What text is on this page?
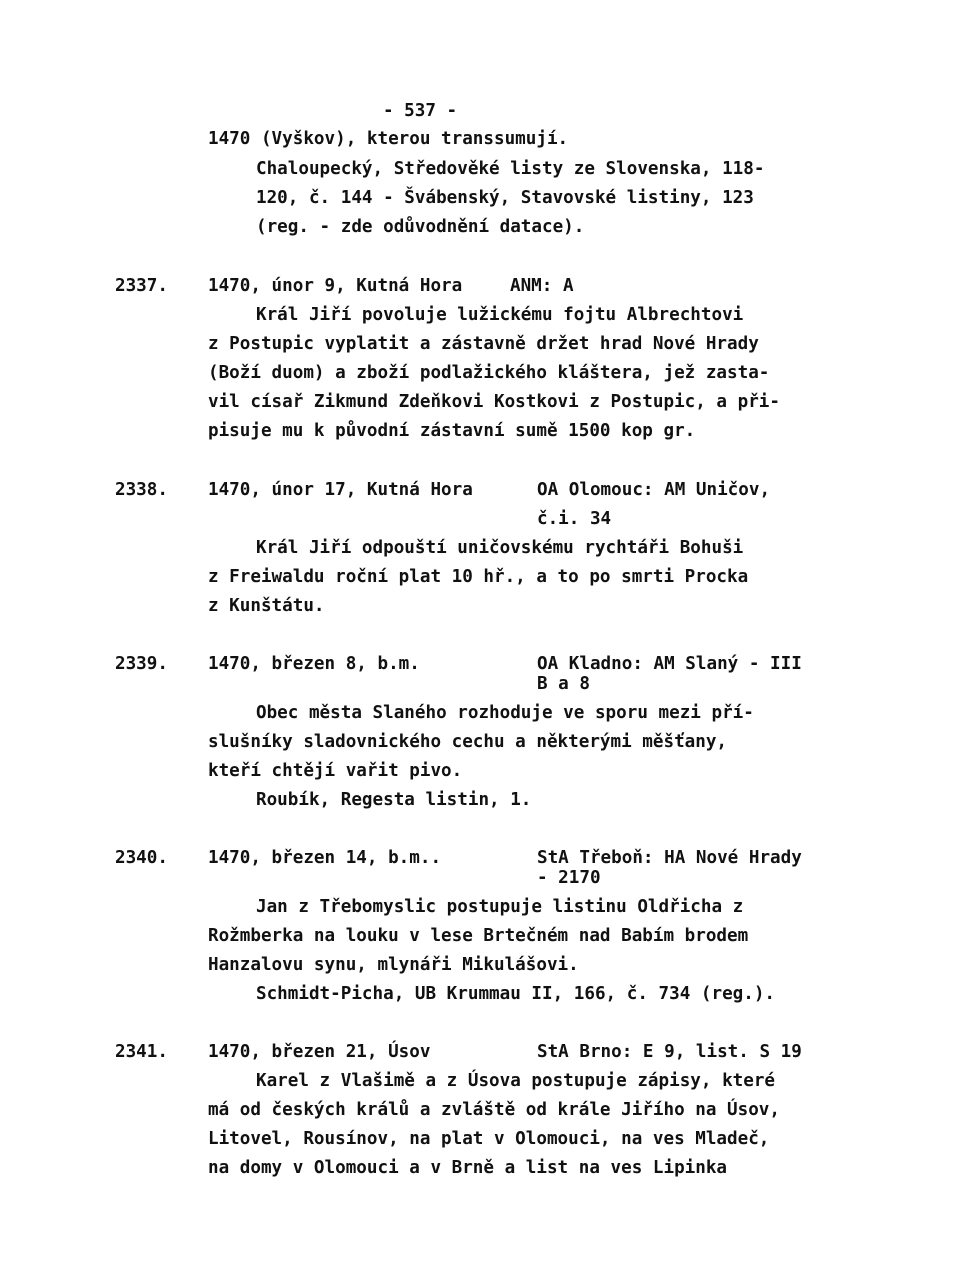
- 537 -
1470 (Vyškov), kterou transsumují.
Chaloupecký, Středověké listy ze Slovenska, 118-
120, č. 144 - Švábenský, Stavovské listiny, 123
(reg. - zde odůvodnění datace).
2337. 1470, únor 9, Kutná Hora	ANM: A
Král Jiří povoluje lužickému fojtu Albrechtovi
z Postupic vyplatit a zástavně držet hrad Nové Hrady
(Boží duom) a zboží podlažického kláštera, jež zasta-
vil císař Zikmund Zdeňkovi Kostkovi z Postupic, a při-
pisuje mu k původní zástavní sumě 1500 kop gr.
2338. 1470, únor 17, Kutná Hora	OA Olomouc: AM Uničov,
č.i. 34
Král Jiří odpouští uničovskému rychtáři Bohuši
z Freiwaldu roční plat 10 hř., a to po smrti Procka
z Kunštátu.
2339. 1470, březen 8, b.m.	OA Kladno: AM Slaný - III
B a 8
Obec města Slaného rozhoduje ve sporu mezi pří-
slušníky sladovnického cechu a některými měšťany,
kteří chtějí vařit pivo.
Roubík, Regesta listin, 1.
2340. 1470, březen 14, b.m..	StA Třeboň: HA Nové Hrady
- 2170
Jan z Třebomyslic postupuje listinu Oldřicha z
Rožmberka na louku v lese Brtečném nad Babím brodem
Hanzalovu synu, mlynáři Mikulášovi.
Schmidt-Picha, UB Krummau II, 166, č. 734 (reg.).
2341. 1470, březen 21, Úsov	StA Brno: E 9, list. S 19
Karel z Vlašimě a z Úsova postupuje zápisy, které
má od českých králů a zvláště od krále Jiřího na Úsov,
Litovel, Rousínov, na plat v Olomouci, na ves Mladeč,
na domy v Olomouci a v Brně a list na ves Lipinka
